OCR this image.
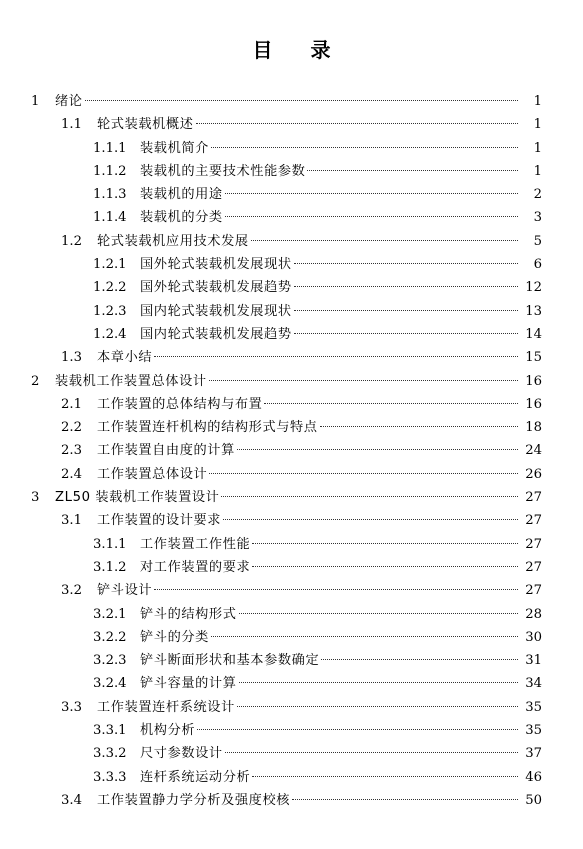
目录
1	绪论	1
1.1	轮式装载机概述	1
1.1.1	装载机简介	1
1.1.2	装载机的主要技术性能参数	1
1.1.3	装载机的用途	2
1.1.4	装载机的分类	3
1.2	轮式装载机应用技术发展	5
1.2.1	国外轮式装载机发展现状	6
1.2.2	国外轮式装载机发展趋势	12
1.2.3	国内轮式装载机发展现状	13
1.2.4	国内轮式装载机发展趋势	14
1.3	本章小结	15
2	装载机工作装置总体设计	16
2.1	工作装置的总体结构与布置	16
2.2	工作装置连杆机构的结构形式与特点	18
2.3	工作装置自由度的计算	24
2.4	工作装置总体设计	26
3	ZL50 装载机工作装置设计	27
3.1	工作装置的设计要求	27
3.1.1	工作装置工作性能	27
3.1.2	对工作装置的要求	27
3.2	铲斗设计	27
3.2.1	铲斗的结构形式	28
3.2.2	铲斗的分类	30
3.2.3	铲斗断面形状和基本参数确定	31
3.2.4	铲斗容量的计算	34
3.3	工作装置连杆系统设计	35
3.3.1	机构分析	35
3.3.2	尺寸参数设计	37
3.3.3	连杆系统运动分析	46
3.4	工作装置静力学分析及强度校核	50
